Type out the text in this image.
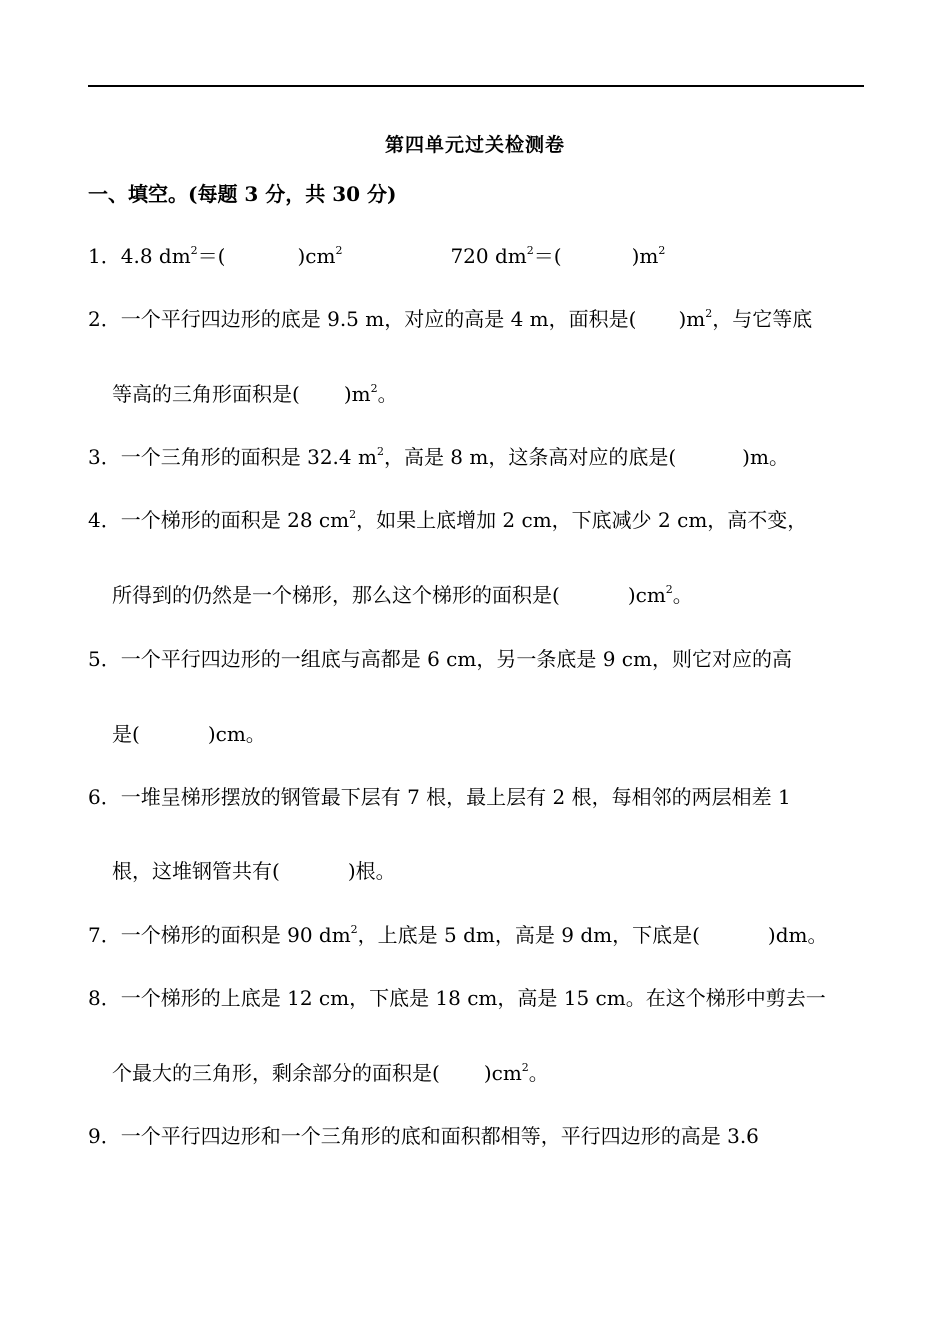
第四单元过关检测卷
一、填空。(每题 3 分，共 30 分)
1．4.8 $dm^2=$(	)$cm^2$	720 $dm^2=$(	)$m^2$
2．一个平行四边形的底是 9.5 m，对应的高是 4 m，面积是( )$m^2$，与它等底
等高的三角形面积是( )$m^2$。
3．一个三角形的面积是 32.4 $m^2$，高是 8 m，这条高对应的底是(	)m。
4．一个梯形的面积是 28 $cm^2$，如果上底增加 2 cm，下底减少 2 cm，高不变，
所得到的仍然是一个梯形，那么这个梯形的面积是(	)$cm^2$。
5．一个平行四边形的一组底与高都是 6 cm，另一条底是 9 cm，则它对应的高
是(	)cm。
6．一堆呈梯形摆放的钢管最下层有 7 根，最上层有 2 根，每相邻的两层相差 1
根，这堆钢管共有(	)根。
7．一个梯形的面积是 90 $dm^2$，上底是 5 dm，高是 9 dm，下底是(	)dm。
8．一个梯形的上底是 12 cm，下底是 18 cm，高是 15 cm。在这个梯形中剪去一
个最大的三角形，剩余部分的面积是( )$cm^2$。
9．一个平行四边形和一个三角形的底和面积都相等，平行四边形的高是 3.6
